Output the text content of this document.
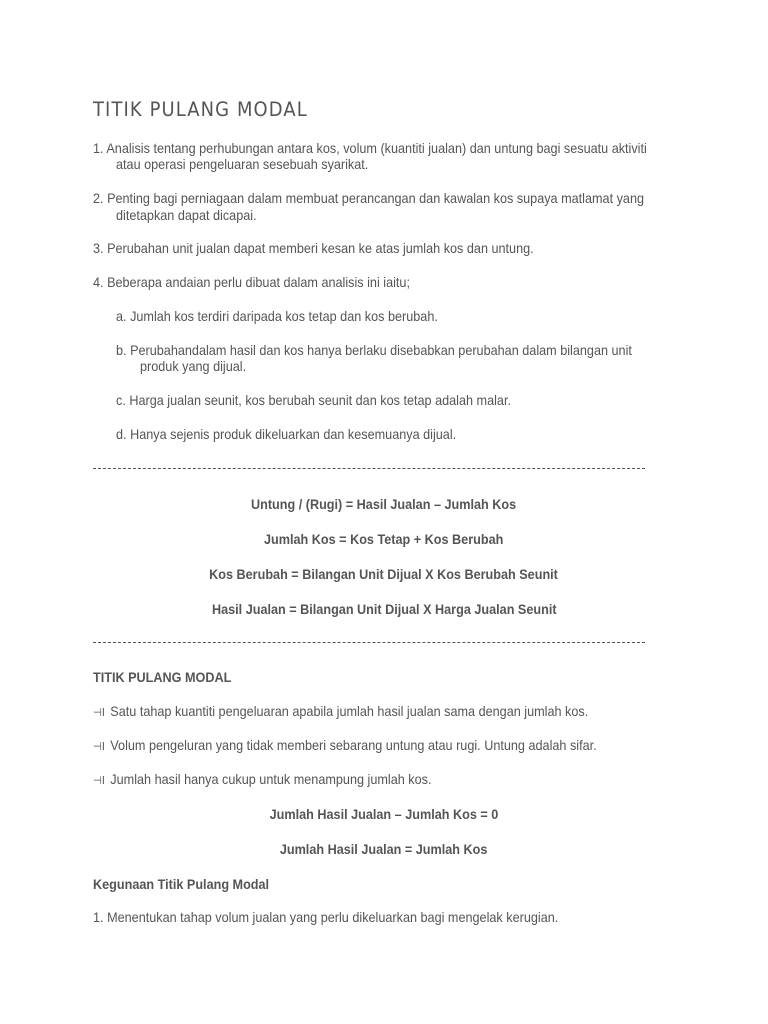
TITIK PULANG MODAL
1. Analisis tentang perhubungan antara kos, volum (kuantiti jualan) dan untung bagi sesuatu aktiviti
atau operasi pengeluaran sesebuah syarikat.
2. Penting bagi perniagaan dalam membuat perancangan dan kawalan kos supaya matlamat yang
ditetapkan dapat dicapai.
3. Perubahan unit jualan dapat memberi kesan ke atas jumlah kos dan untung.
4. Beberapa andaian perlu dibuat dalam analisis ini iaitu;
a. Jumlah kos terdiri daripada kos tetap dan kos berubah.
b. Perubahandalam hasil dan kos hanya berlaku disebabkan perubahan dalam bilangan unit
produk yang dijual.
c. Harga jualan seunit, kos berubah seunit dan kos tetap adalah malar.
d. Hanya sejenis produk dikeluarkan dan kesemuanya dijual.
Untung / (Rugi) = Hasil Jualan – Jumlah Kos
Jumlah Kos = Kos Tetap + Kos Berubah
Kos Berubah = Bilangan Unit Dijual X Kos Berubah Seunit
Hasil Jualan = Bilangan Unit Dijual X Harga Jualan Seunit
TITIK PULANG MODAL
⊣I Satu tahap kuantiti pengeluaran apabila jumlah hasil jualan sama dengan jumlah kos.
⊣I Volum pengeluran yang tidak memberi sebarang untung atau rugi. Untung adalah sifar.
⊣I Jumlah hasil hanya cukup untuk menampung jumlah kos.
Jumlah Hasil Jualan – Jumlah Kos = 0
Jumlah Hasil Jualan = Jumlah Kos
Kegunaan Titik Pulang Modal
1. Menentukan tahap volum jualan yang perlu dikeluarkan bagi mengelak kerugian.
